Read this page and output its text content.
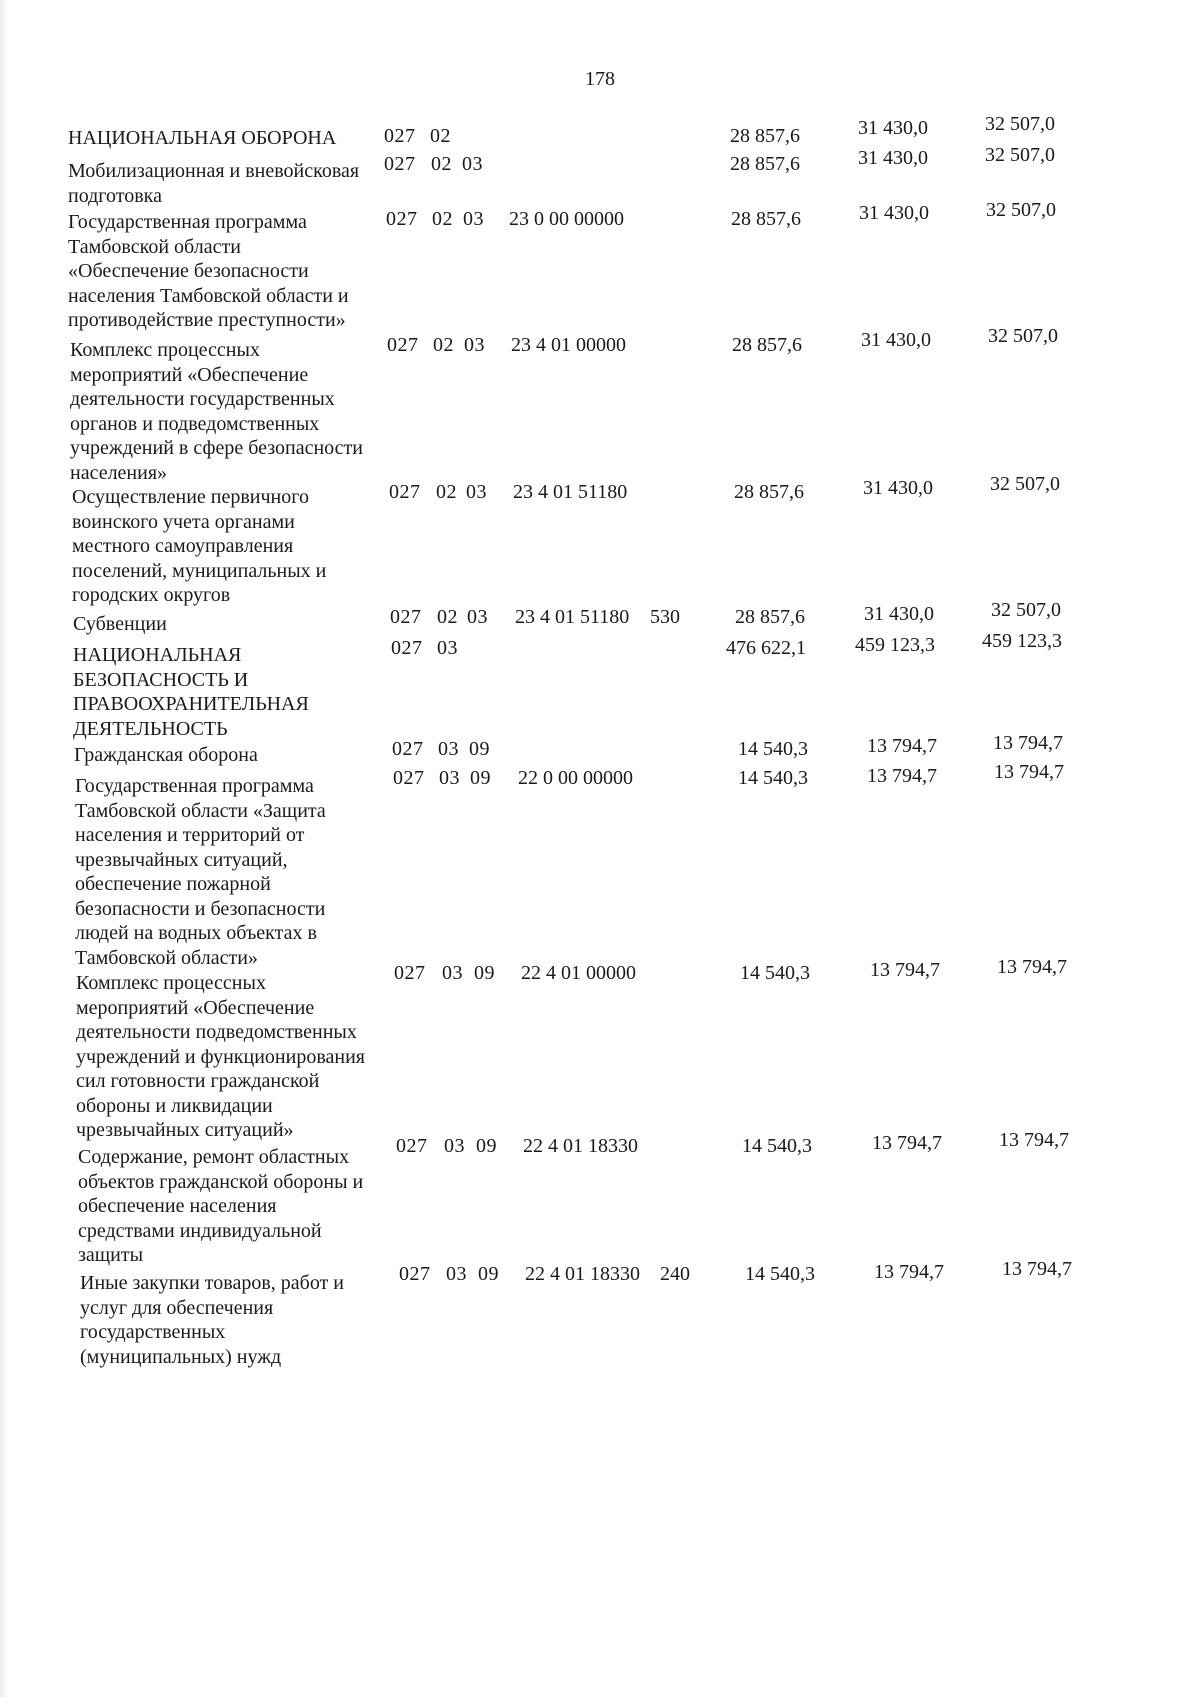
178
НАЦИОНАЛЬНАЯ ОБОРОНА	027 02	28 857,6	31 430,0	32 507,0
Мобилизационная и вневойсковая
подготовка
027 02 03	28 857,6	31 430,0	32 507,0
Государственная программа
Тамбовской области
«Обеспечение безопасности
населения Тамбовской области и
противодействие преступности»
027 02 03 23 0 00 00000	28 857,6	31 430,0	32 507,0
Комплекс процессных
мероприятий «Обеспечение
деятельности государственных
органов и подведомственных
учреждений в сфере безопасности
населения»
027 02 03 23 4 01 00000	28 857,6	31 430,0	32 507,0
Осуществление первичного
воинского учета органами
местного самоуправления
поселений, муниципальных и
городских округов
027 02 03 23 4 01 51180	28 857,6	31 430,0	32 507,0
Субвенции	027 02 03 23 4 01 51180 530	28 857,6	31 430,0	32 507,0
НАЦИОНАЛЬНАЯ
БЕЗОПАСНОСТЬ И
ПРАВООХРАНИТЕЛЬНАЯ
ДЕЯТЕЛЬНОСТЬ
027 03	476 622,1	459 123,3	459 123,3
Гражданская оборона	027 03 09	14 540,3	13 794,7	13 794,7
Государственная программа
Тамбовской области «Защита
населения и территорий от
чрезвычайных ситуаций,
обеспечение пожарной
безопасности и безопасности
людей на водных объектах в
Тамбовской области»
027 03 09 22 0 00 00000	14 540,3	13 794,7	13 794,7
Комплекс процессных
мероприятий «Обеспечение
деятельности подведомственных
учреждений и функционирования
сил готовности гражданской
обороны и ликвидации
чрезвычайных ситуаций»
027 03 09 22 4 01 00000	14 540,3	13 794,7	13 794,7
Содержание, ремонт областных
объектов гражданской обороны и
обеспечение населения
средствами индивидуальной
защиты
027 03 09 22 4 01 18330	14 540,3	13 794,7	13 794,7
Иные закупки товаров, работ и
услуг для обеспечения
государственных
(муниципальных) нужд
027 03 09 22 4 01 18330 240	14 540,3	13 794,7	13 794,7
